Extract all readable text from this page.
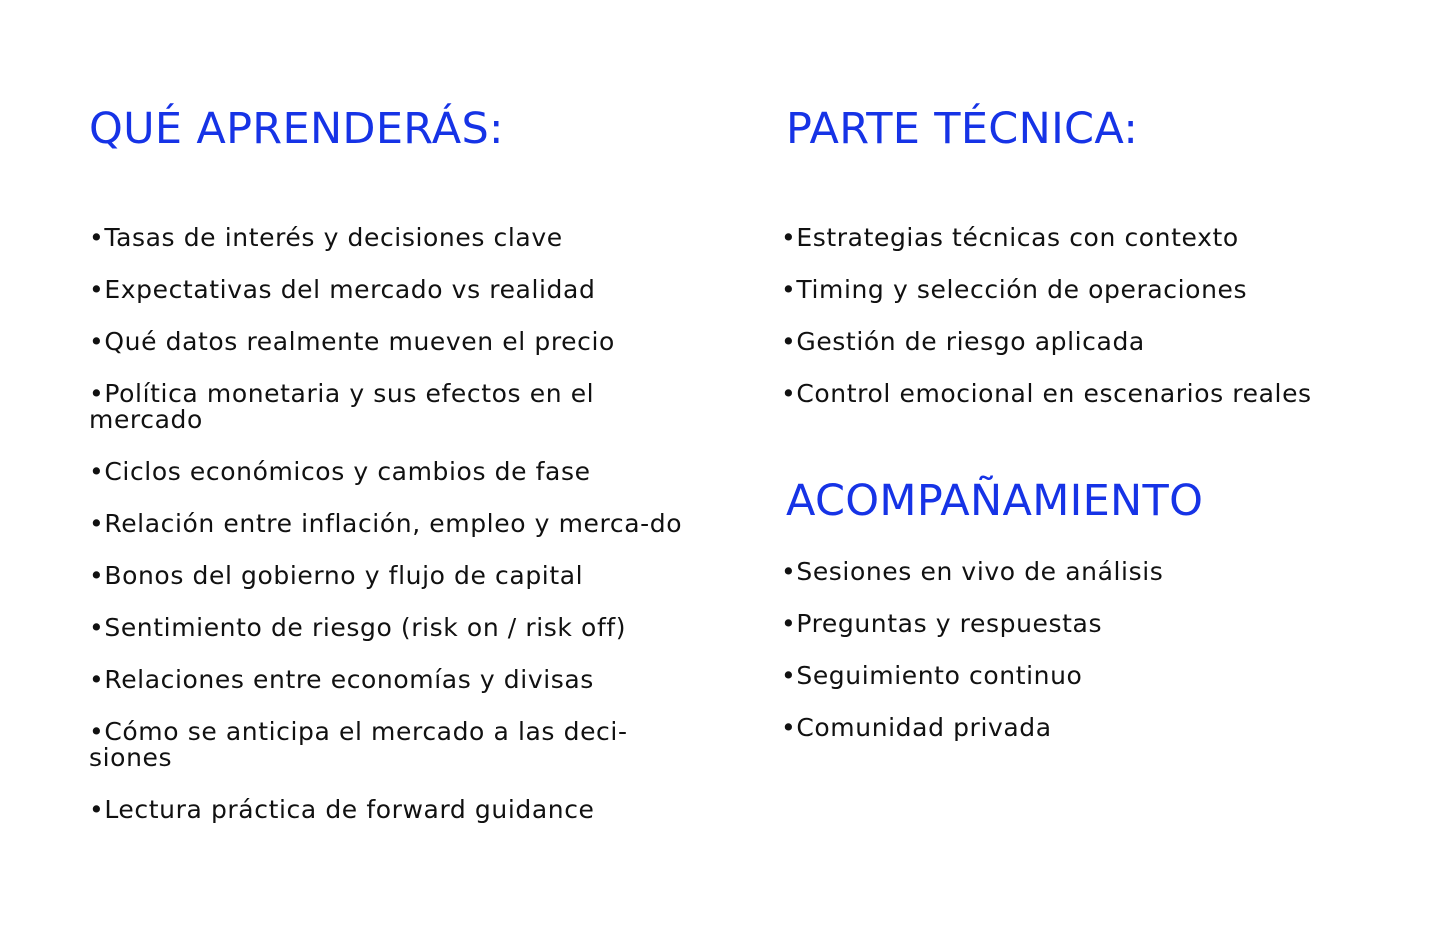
QUÉ APRENDERÁS:
•Tasas de interés y decisiones clave
•Expectativas del mercado vs realidad
•Qué datos realmente mueven el precio
•Política monetaria y sus efectos en el mercado
•Ciclos económicos y cambios de fase
•Relación entre inflación, empleo y merca-do
•Bonos del gobierno y flujo de capital
•Sentimiento de riesgo (risk on / risk off)
•Relaciones entre economías y divisas
•Cómo se anticipa el mercado a las deci-siones
•Lectura práctica de forward guidance
PARTE TÉCNICA:
•Estrategias técnicas con contexto
•Timing y selección de operaciones
•Gestión de riesgo aplicada
•Control emocional en escenarios reales
ACOMPAÑAMIENTO
•Sesiones en vivo de análisis
•Preguntas y respuestas
•Seguimiento continuo
•Comunidad privada
